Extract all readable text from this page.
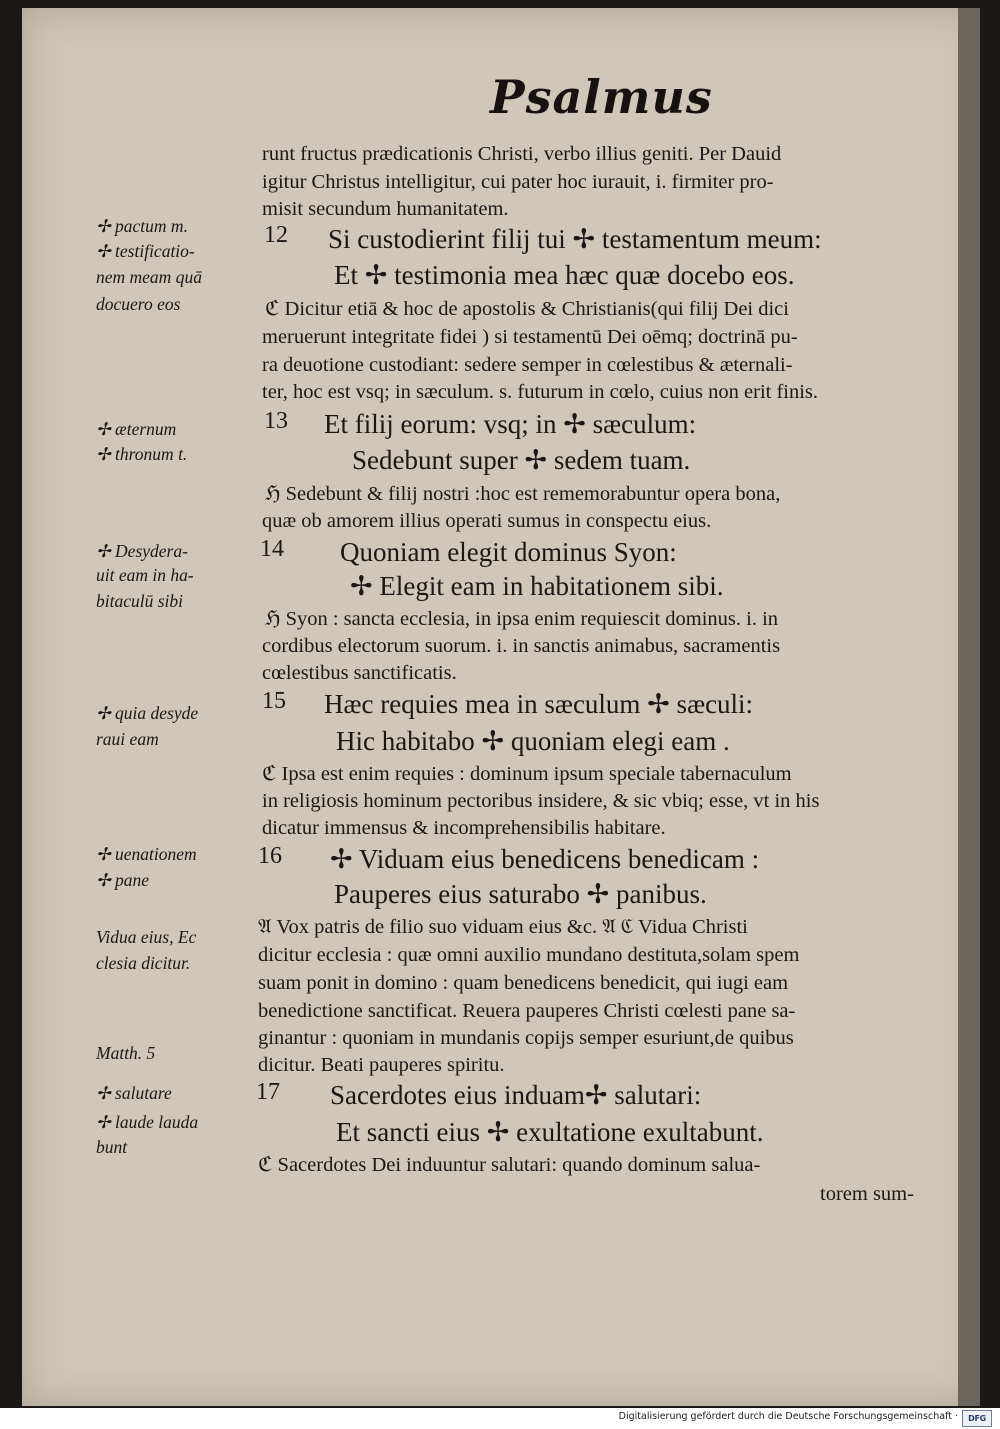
Psalmus
12
13
14
15
16
17
runt fructus prædicationis Christi, verbo illius geniti. Per Dauid
igitur Christus intelligitur, cui pater hoc iurauit, i. firmiter pro-
misit secundum humanitatem.
Si custodierint filij tui ✢ testamentum meum:
Et ✢ testimonia mea hæc quæ docebo eos.
ℭ Dicitur etiā & hoc de apostolis & Christianis(qui filij Dei dici
meruerunt integritate fidei ) si testamentū Dei oēmq; doctrinā pu-
ra deuotione custodiant: sedere semper in cœlestibus & æternali-
ter, hoc est vsq; in sæculum. s. futurum in cœlo, cuius non erit finis.
Et filij eorum: vsq; in ✢ sæculum:
Sedebunt super ✢ sedem tuam.
ℌ Sedebunt & filij nostri :hoc est rememorabuntur opera bona,
quæ ob amorem illius operati sumus in conspectu eius.
Quoniam elegit dominus Syon:
✢ Elegit eam in habitationem sibi.
ℌ Syon : sancta ecclesia, in ipsa enim requiescit dominus. i. in
cordibus electorum suorum. i. in sanctis animabus, sacramentis
cœlestibus sanctificatis.
Hæc requies mea in sæculum ✢ sæculi:
Hic habitabo ✢ quoniam elegi eam .
ℭ Ipsa est enim requies : dominum ipsum speciale tabernaculum
in religiosis hominum pectoribus insidere, & sic vbiq; esse, vt in his
dicatur immensus & incomprehensibilis habitare.
✢ Viduam eius benedicens benedicam :
Pauperes eius saturabo ✢ panibus.
𝔄 Vox patris de filio suo viduam eius &c. 𝔄 ℭ Vidua Christi
dicitur ecclesia : quæ omni auxilio mundano destituta,solam spem
suam ponit in domino : quam benedicens benedicit, qui iugi eam
benedictione sanctificat. Reuera pauperes Christi cœlesti pane sa-
ginantur : quoniam in mundanis copijs semper esuriunt,de quibus
dicitur. Beati pauperes spiritu.
Sacerdotes eius induam✢ salutari:
Et sancti eius ✢ exultatione exultabunt.
ℭ Sacerdotes Dei induuntur salutari: quando dominum salua-
torem sum-
✢ pactum m.
✢ testificatio-
nem meam quā
docuero eos
✢ æternum
✢ thronum t.
✢ Desydera-
uit eam in ha-
bitaculū sibi
✢ quia desyde
raui eam
✢ uenationem
✢ pane
Vidua eius, Ec
clesia dicitur.
Matth. 5
✢ salutare
✢ laude lauda
bunt
Digitalisierung gefördert durch die Deutsche Forschungsgemeinschaft ·	DFG
